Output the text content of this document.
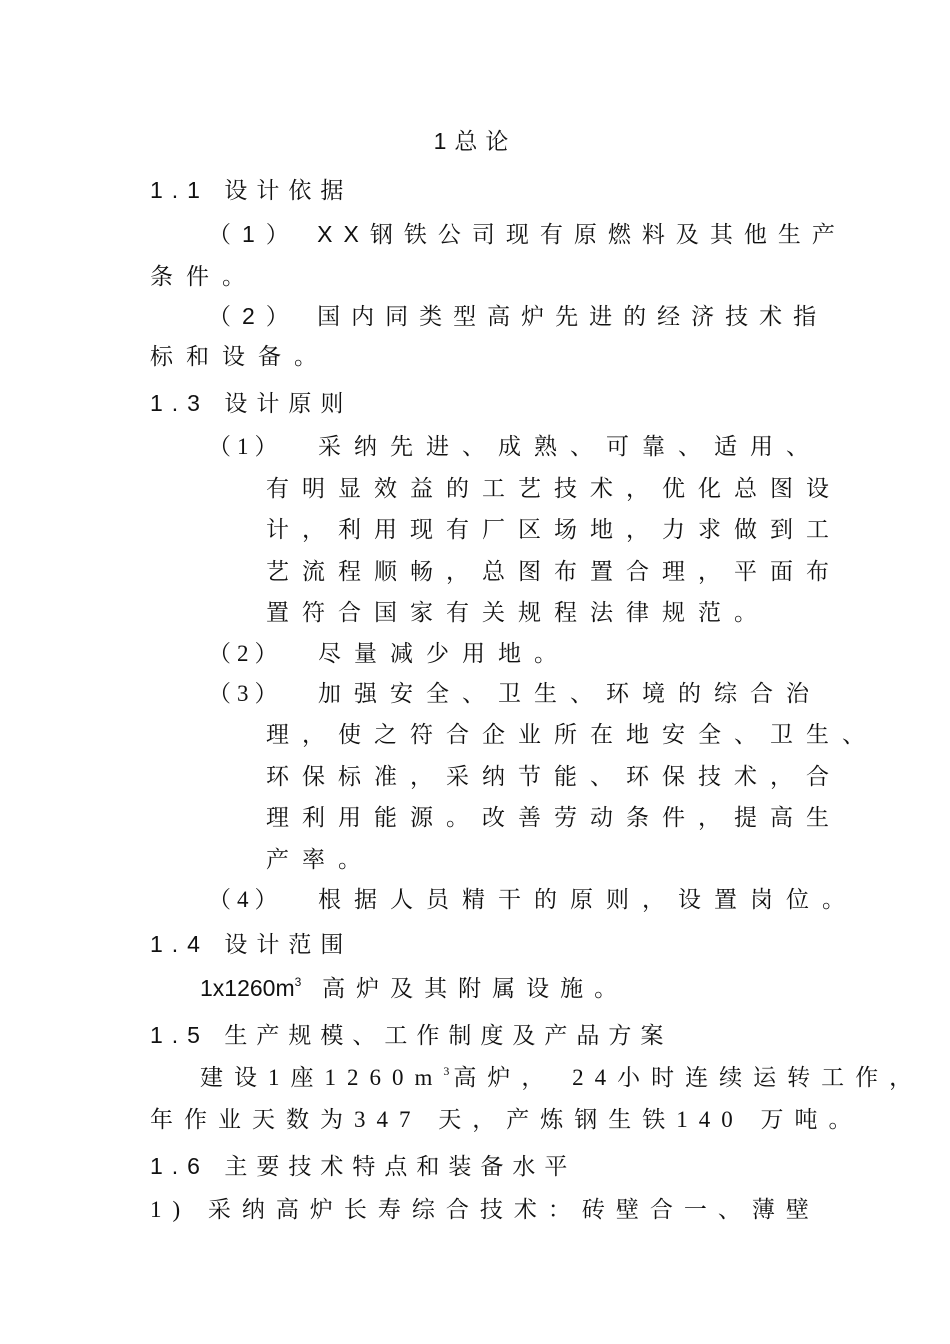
1总论
1.1 设计依据
（1） XX钢铁公司现有原燃料及其他生产
条件。
（2） 国内同类型高炉先进的经济技术指
标和设备。
1.3 设计原则
（1） 采纳先进、成熟、可靠、适用、
有明显效益的工艺技术，优化总图设
计，利用现有厂区场地，力求做到工
艺流程顺畅，总图布置合理，平面布
置符合国家有关规程法律规范。
（2） 尽量减少用地。
（3） 加强安全、卫生、环境的综合治
理，使之符合企业所在地安全、卫生、
环保标准，采纳节能、环保技术，合
理利用能源。改善劳动条件，提高生
产率。
（4） 根据人员精干的原则，设置岗位。
1.4 设计范围
$1x1260m^3$ 高炉及其附属设施。
1.5 生产规模、工作制度及产品方案
建设1座$1260m^3$高炉， 24小时连续运转工作，
年作业天数为347 天，产炼钢生铁140 万吨。
1.6 主要技术特点和装备水平
1) 采纳高炉长寿综合技术：砖壁合一、薄壁
